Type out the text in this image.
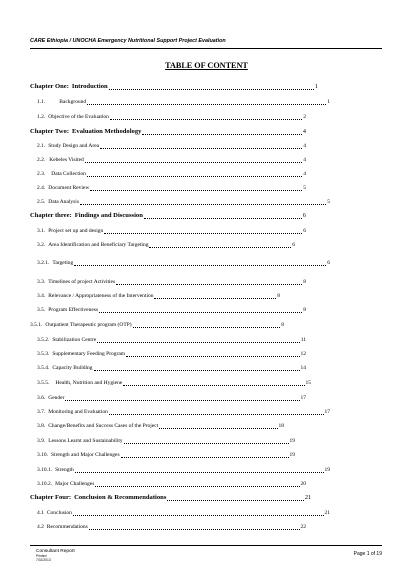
CARE Ethiopia / UNOCHA Emergency Nutritional Support Project Evaluation
TABLE OF CONTENT
Chapter One: Introduction	1
1.1.	Background	1
1.2. Objective of the Evaluation	2
Chapter Two: Evaluation Methodology	4
2.1. Study Design and Area	4
2.2. Kebeles Visited	4
2.3. Data Collection	4
2.4. Document Review	5
2.5. Data Analysis	5
Chapter three: Findings and Discussion	6
3.1. Project set up and design	6
3.2. Area Identification and Beneficiary Targeting	6
3.2.1. Targeting	6
3.3. Timelines of project Activities	8
3.4. Relevance / Appropriateness of the Intervention	8
3.5. Program Effectiveness	8
3.5.1. Outpatient Therapeutic program (OTP)	8
3.5.2. Stabilization Centre	11
3.5.3. Supplementary Feeding Program	12
3.5.4. Capacity Building	14
3.5.5. Health, Nutrition and Hygiene	15
3.6. Gender	17
3.7. Monitoring and Evaluation	17
3.8. Change/Benefits and Success Cases of the Project	18
3.9. Lessons Learnt and Sustainability	19
3.10. Strength and Major Challenges	19
3.10.1. Strength	19
3.10.2. Major Challenges	20
Chapter Four: Conclusion & Recommendations	21
4.1 Conclusion	21
4.2 Recommendations	22
Consultant Report
Printed
7/31/2013
Page 1 of 19
